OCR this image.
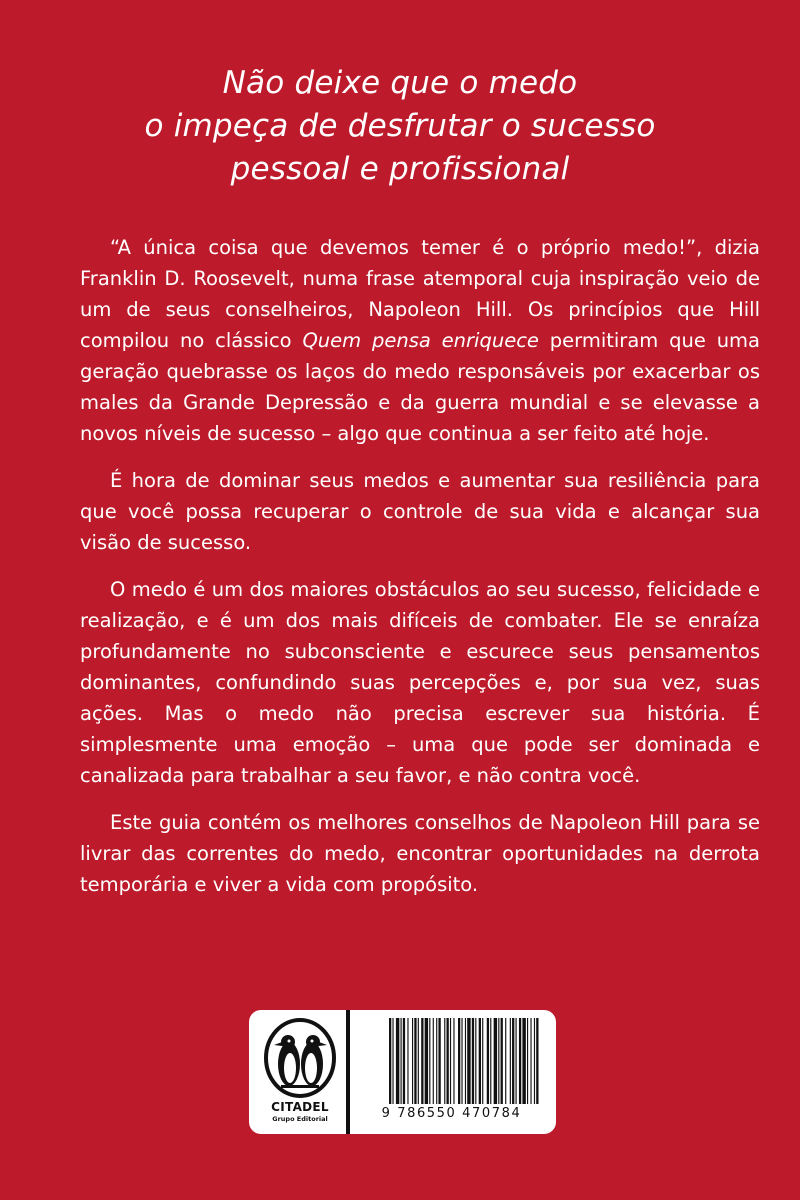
Não deixe que o medo
o impeça de desfrutar o sucesso
pessoal e profissional

“A única coisa que devemos temer é o próprio medo!”, dizia Franklin D. Roosevelt, numa frase atemporal cuja inspiração veio de um de seus conselheiros, Napoleon Hill. Os princípios que Hill compilou no clássico Quem pensa enriquece permitiram que uma geração quebrasse os laços do medo responsáveis por exacerbar os males da Grande Depressão e da guerra mundial e se elevasse a novos níveis de sucesso – algo que continua a ser feito até hoje.

É hora de dominar seus medos e aumentar sua resiliência para que você possa recuperar o controle de sua vida e alcançar sua visão de sucesso.

O medo é um dos maiores obstáculos ao seu sucesso, felicidade e realização, e é um dos mais difíceis de combater. Ele se enraíza profundamente no subconsciente e escurece seus pensamentos dominantes, confundindo suas percepções e, por sua vez, suas ações. Mas o medo não precisa escrever sua história. É simplesmente uma emoção – uma que pode ser dominada e canalizada para trabalhar a seu favor, e não contra você.

Este guia contém os melhores conselhos de Napoleon Hill para se livrar das correntes do medo, encontrar oportunidades na derrota temporária e viver a vida com propósito.

CITADEL
Grupo Editorial	9 786550 470784
